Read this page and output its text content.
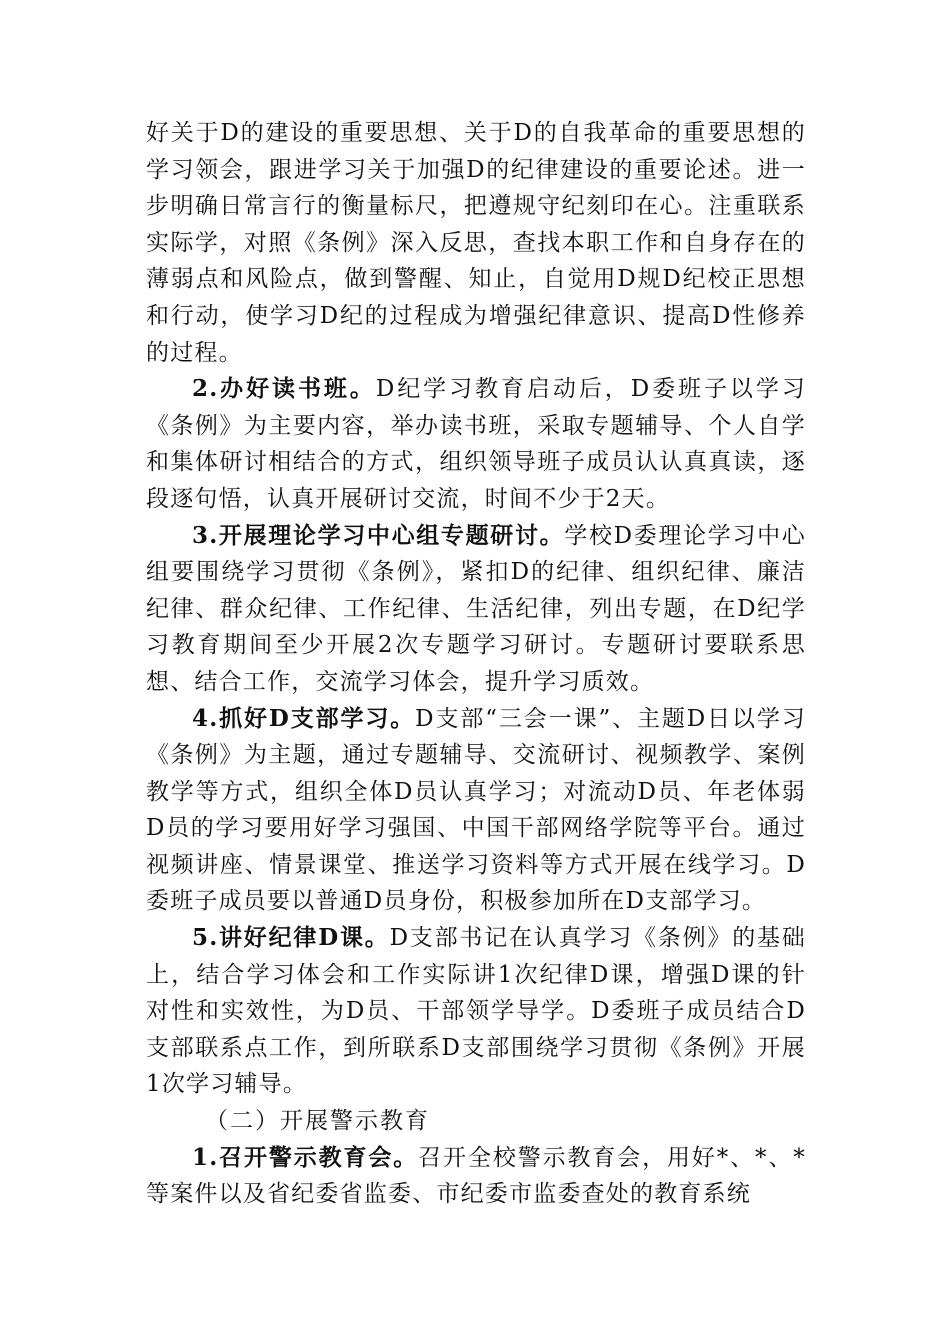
好关于D的建设的重要思想、关于D的自我革命的重要思想的学习领会，跟进学习关于加强D的纪律建设的重要论述。进一步明确日常言行的衡量标尺，把遵规守纪刻印在心。注重联系实际学，对照《条例》深入反思，查找本职工作和自身存在的薄弱点和风险点，做到警醒、知止，自觉用D规D纪校正思想和行动，使学习D纪的过程成为增强纪律意识、提高D性修养的过程。

2.办好读书班。D纪学习教育启动后，D委班子以学习《条例》为主要内容，举办读书班，采取专题辅导、个人自学和集体研讨相结合的方式，组织领导班子成员认认真真读，逐段逐句悟，认真开展研讨交流，时间不少于2天。

3.开展理论学习中心组专题研讨。学校D委理论学习中心组要围绕学习贯彻《条例》，紧扣D的纪律、组织纪律、廉洁纪律、群众纪律、工作纪律、生活纪律，列出专题，在D纪学习教育期间至少开展2次专题学习研讨。专题研讨要联系思想、结合工作，交流学习体会，提升学习质效。

4.抓好D支部学习。D支部“三会一课”、主题D日以学习《条例》为主题，通过专题辅导、交流研讨、视频教学、案例教学等方式，组织全体D员认真学习；对流动D员、年老体弱D员的学习要用好学习强国、中国干部网络学院等平台。通过视频讲座、情景课堂、推送学习资料等方式开展在线学习。D委班子成员要以普通D员身份，积极参加所在D支部学习。

5.讲好纪律D课。D支部书记在认真学习《条例》的基础上，结合学习体会和工作实际讲1次纪律D课，增强D课的针对性和实效性，为D员、干部领学导学。D委班子成员结合D支部联系点工作，到所联系D支部围绕学习贯彻《条例》开展1次学习辅导。

（二）开展警示教育

1.召开警示教育会。召开全校警示教育会，用好*、*、*等案件以及省纪委省监委、市纪委市监委查处的教育系统
